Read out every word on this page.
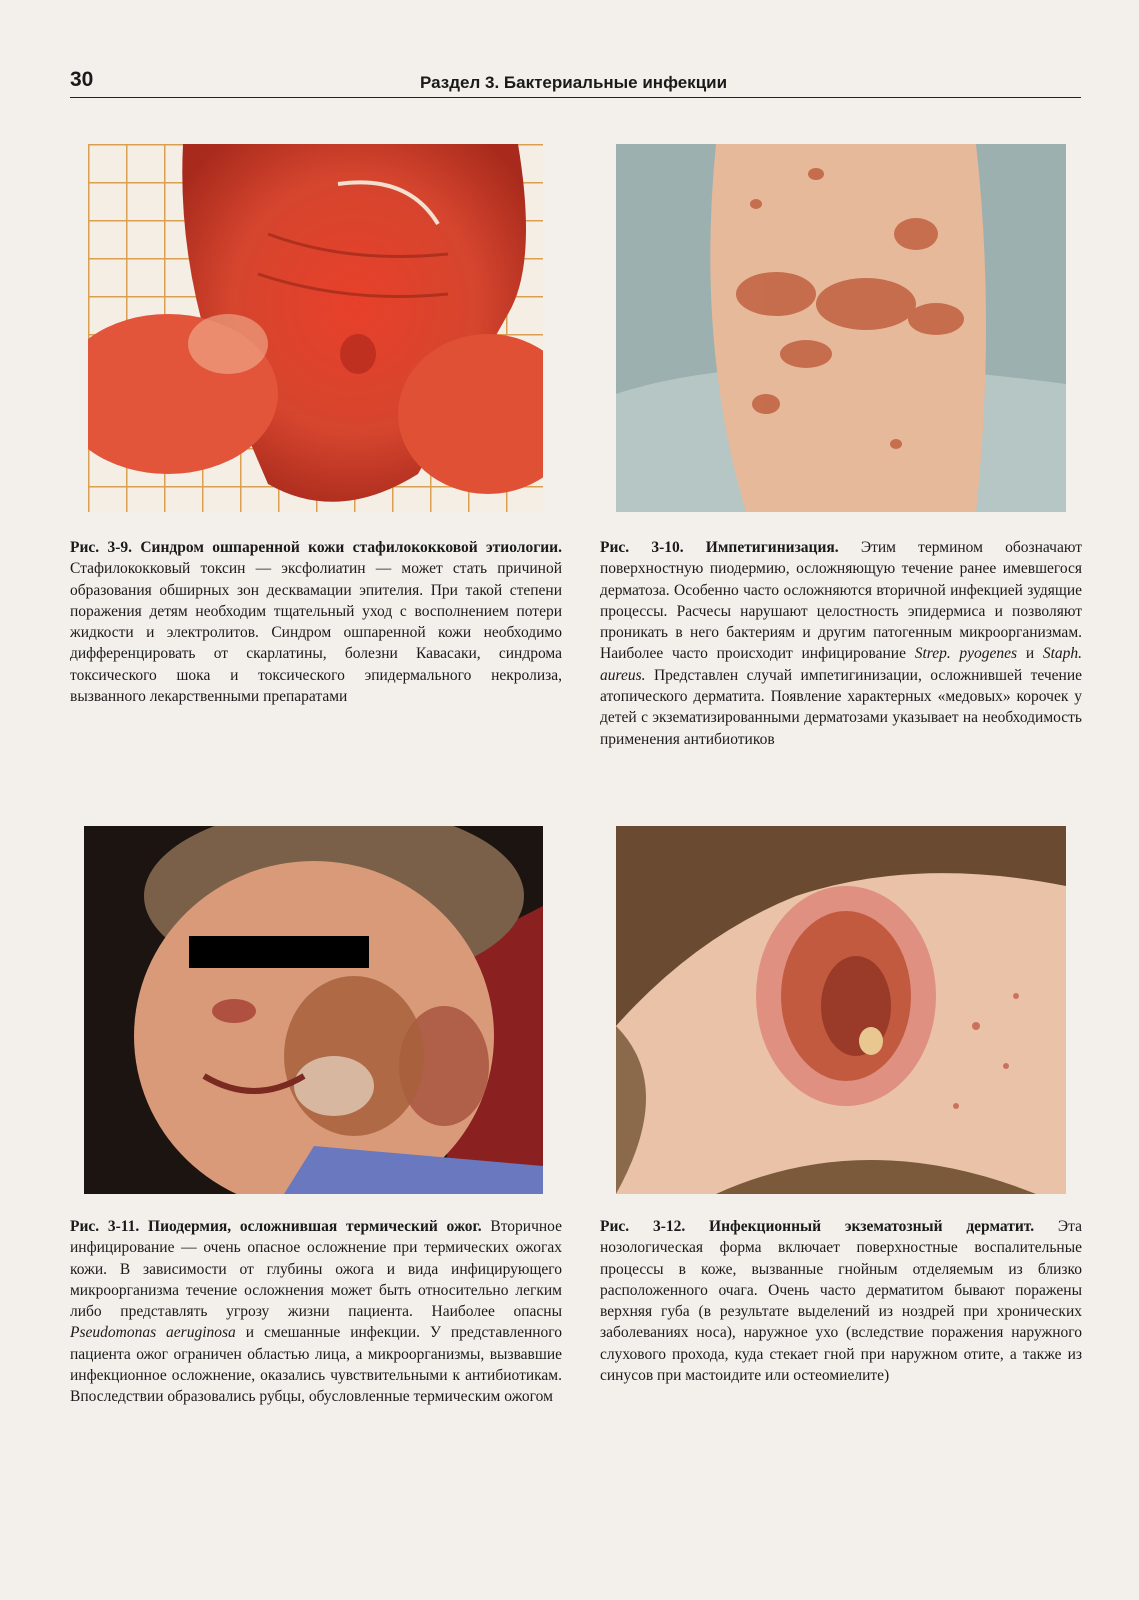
30	Раздел 3. Бактериальные инфекции
Рис. 3-9. Синдром ошпаренной кожи стафилококковой этиологии. Стафилококковый токсин — эксфолиатин — может стать причиной образования обширных зон десквамации эпителия. При такой степени поражения детям необходим тщательный уход с восполнением потери жидкости и электролитов. Синдром ошпаренной кожи необходимо дифференцировать от скарлатины, болезни Кавасаки, синдрома токсического шока и токсического эпидермального некролиза, вызванного лекарственными препаратами
Рис. 3-10. Импетигинизация. Этим термином обозначают поверхностную пиодермию, осложняющую течение ранее имевшегося дерматоза. Особенно часто осложняются вторичной инфекцией зудящие процессы. Расчесы нарушают целостность эпидермиса и позволяют проникать в него бактериям и другим патогенным микроорганизмам. Наиболее часто происходит инфицирование Strep. pyogenes и Staph. aureus. Представлен случай импетигинизации, осложнившей течение атопического дерматита. Появление характерных «медовых» корочек у детей с экзематизированными дерматозами указывает на необходимость применения антибиотиков
Рис. 3-11. Пиодермия, осложнившая термический ожог. Вторичное инфицирование — очень опасное осложнение при термических ожогах кожи. В зависимости от глубины ожога и вида инфицирующего микроорганизма течение осложнения может быть относительно легким либо представлять угрозу жизни пациента. Наиболее опасны Pseudomonas aeruginosa и смешанные инфекции. У представленного пациента ожог ограничен областью лица, а микроорганизмы, вызвавшие инфекционное осложнение, оказались чувствительными к антибиотикам. Впоследствии образовались рубцы, обусловленные термическим ожогом
Рис. 3-12. Инфекционный экзематозный дерматит. Эта нозологическая форма включает поверхностные воспалительные процессы в коже, вызванные гнойным отделяемым из близко расположенного очага. Очень часто дерматитом бывают поражены верхняя губа (в результате выделений из ноздрей при хронических заболеваниях носа), наружное ухо (вследствие поражения наружного слухового прохода, куда стекает гной при наружном отите, а также из синусов при мастоидите или остеомиелите)
